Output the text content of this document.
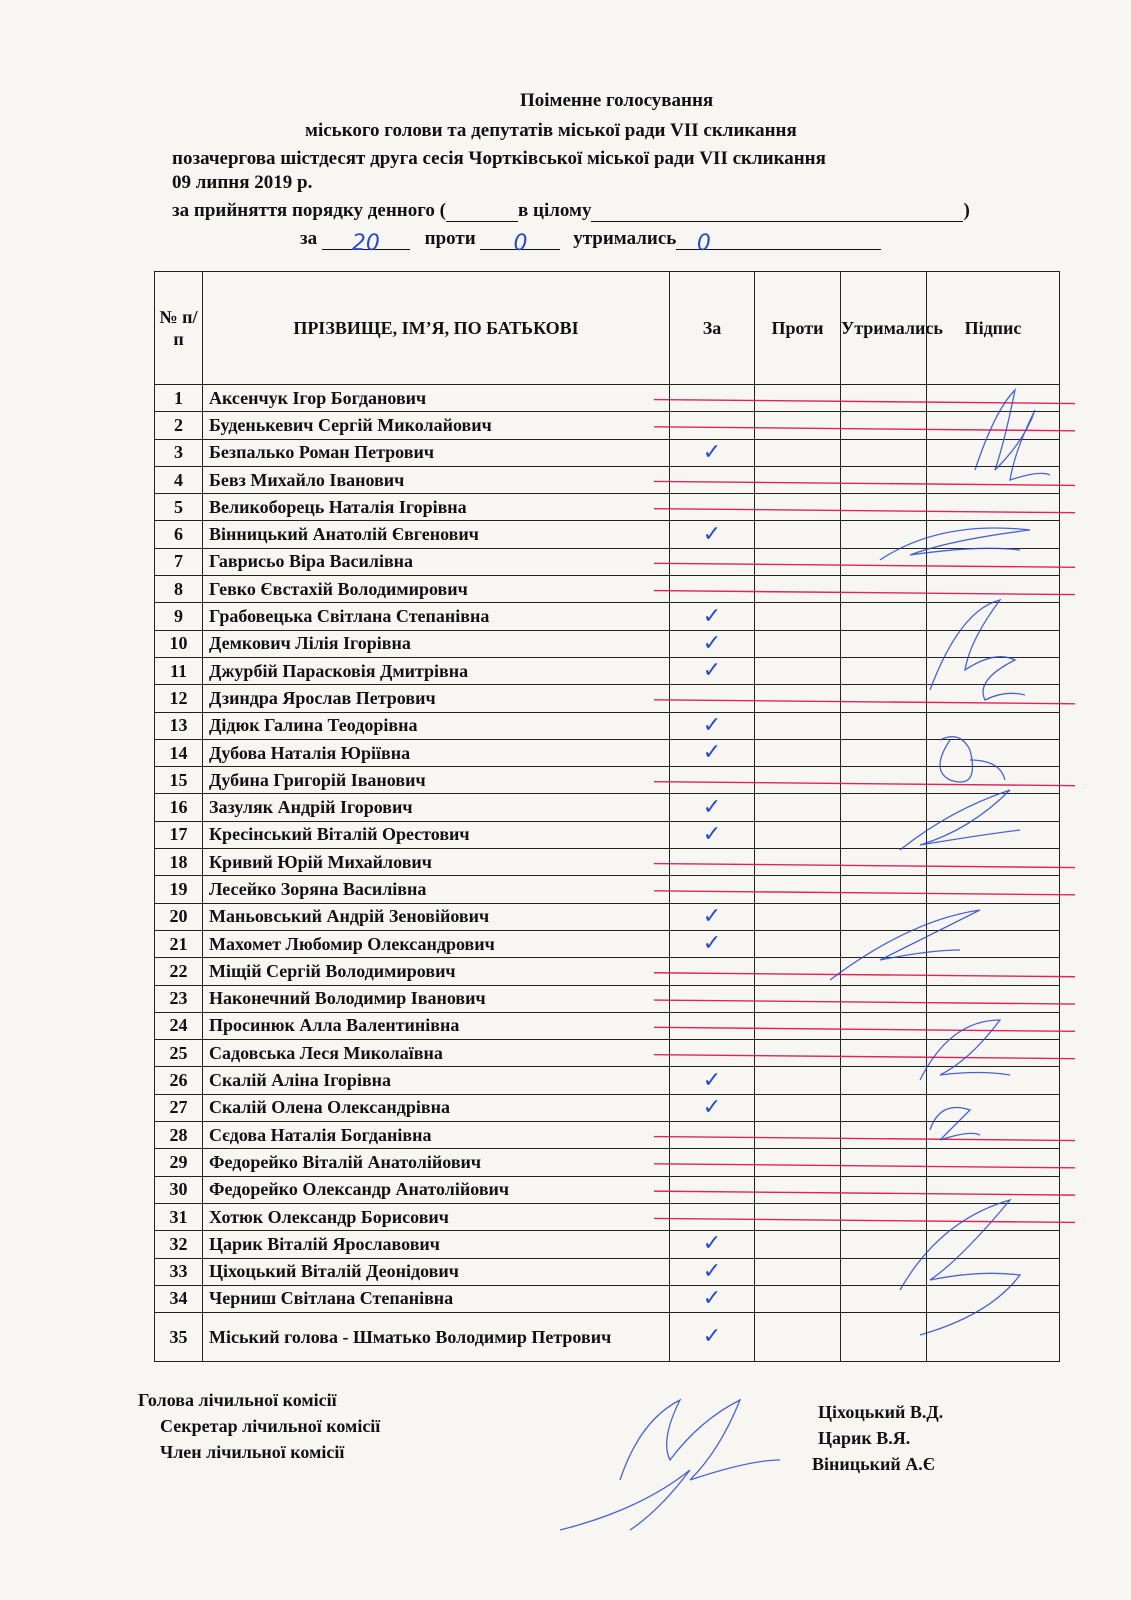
Поіменне голосування
міського голови та депутатів міської ради VII скликання
позачергова шістдесят друга сесія Чортківської міської ради VII скликання
09 липня 2019 р.
за прийняття порядку денного (	в цілому	)
за 20 проти 0 утримались 0
№ п/п	ПРІЗВИЩЕ, ІМ’Я, ПО БАТЬКОВІ	За	Проти	Утримались	Підпис
1	Аксенчук Ігор Богданович				
2	Буденькевич Сергій Миколайович				
3	Безпалько Роман Петрович	✓			

4	Бевз Михайло Іванович				
5	Великоборець Наталія Ігорівна				
6	Вінницький Анатолій Євгенович	✓			

7	Гаврисьо Віра Василівна				
8	Гевко Євстахій Володимирович				
9	Грабовецька Світлана Степанівна	✓			

10	Демкович Лілія Ігорівна	✓			

11	Джурбій Парасковія Дмитрівна	✓			

12	Дзиндра Ярослав Петрович				
13	Дідюк Галина Теодорівна	✓			

14	Дубова Наталія Юріївна	✓			

15	Дубина Григорій Іванович				
16	Зазуляк Андрій Ігорович	✓			

17	Кресінський Віталій Орестович	✓			

18	Кривий Юрій Михайлович				
19	Лесейко Зоряна Василівна				
20	Маньовський Андрій Зеновійович	✓			

21	Махомет Любомир Олександрович	✓			

22	Міщій Сергій Володимирович				
23	Наконечний Володимир Іванович				
24	Просинюк Алла Валентинівна				
25	Садовська Леся Миколаївна				
26	Скалій Аліна Ігорівна	✓			

27	Скалій Олена Олександрівна	✓			

28	Сєдова Наталія Богданівна				
29	Федорейко Віталій Анатолійович				
30	Федорейко Олександр Анатолійович				
31	Хотюк Олександр Борисович				
32	Царик Віталій Ярославович	✓			

33	Ціхоцький Віталій Деонідович	✓			

34	Черниш Світлана Степанівна	✓			

35	Міський голова - Шматько Володимир Петрович	✓			

Голова лічильної комісії
Секретар лічильної комісії
Член лічильної комісії
Ціхоцький В.Д.
Царик В.Я.
Віницький А.Є
